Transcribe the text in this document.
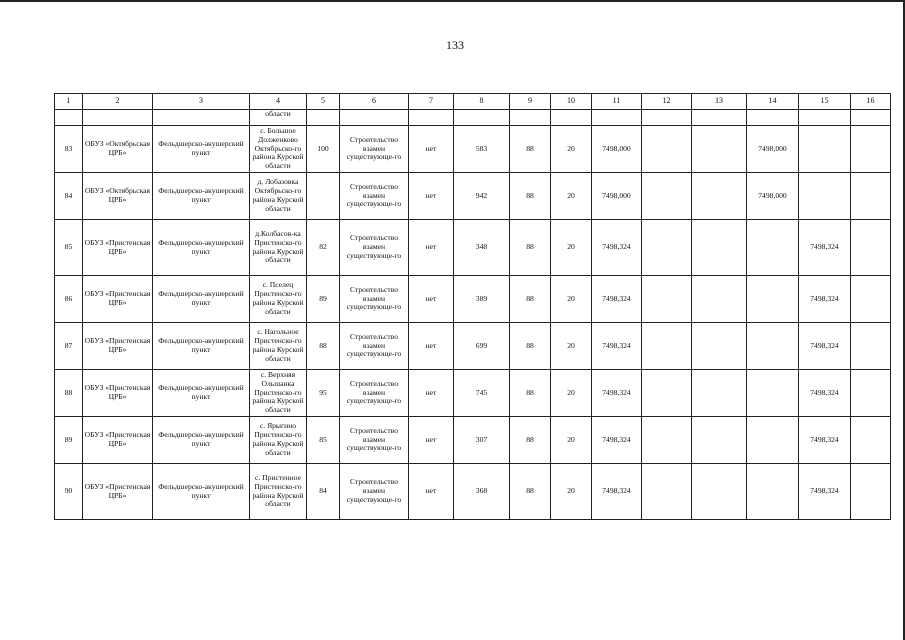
133
1	2	3	4	5	6	7	8	9	10	11	12	13	14	15	16
			области												
83	ОБУЗ «Октябрьская ЦРБ»	Фельдшерско-акушерский пункт	с. Большое Долженково Октябрьско-го района Курской области	100	Строительство взамен существующе-го	нет	583	88	20	7498,000			7498,000		
84	ОБУЗ «Октябрьская ЦРБ»	Фельдшерско-акушерский пункт	д. Лобазовка Октябрьско-го района Курской области		Строительство взамен существующе-го	нет	942	88	20	7498,000			7498,000		
85	ОБУЗ «Пристенская ЦРБ»	Фельдшерско-акушерский пункт	д.Колбасов-ка Пристенско-го района Курской области	82	Строительство взамен существующе-го	нет	348	88	20	7498,324				7498,324	
86	ОБУЗ «Пристенская ЦРБ»	Фельдшерско-акушерский пункт	с. Пселец Пристенско-го района Курской области	89	Строительство взамен существующе-го	нет	389	88	20	7498,324				7498,324	
87	ОБУЗ «Пристенская ЦРБ»	Фельдшерско-акушерский пункт	с. Нагольное Пристенско-го района Курской области	88	Строительство взамен существующе-го	нет	699	88	20	7498,324				7498,324	
88	ОБУЗ «Пристенская ЦРБ»	Фельдшерско-акушерский пункт	с. Верхняя Ольшанка Пристенско-го района Курской области	95	Строительство взамен существующе-го	нет	745	88	20	7498,324				7498,324	
89	ОБУЗ «Пристенская ЦРБ»	Фельдшерско-акушерский пункт	с. Ярыгино Пристенско-го района Курской области	85	Строительство взамен существующе-го	нет	307	88	20	7498,324				7498,324	
90	ОБУЗ «Пристенская ЦРБ»	Фельдшерско-акушерский пункт	с. Пристенное Пристенско-го района Курской области	84	Строительство взамен существующе-го	нет	368	88	20	7498,324				7498,324	
